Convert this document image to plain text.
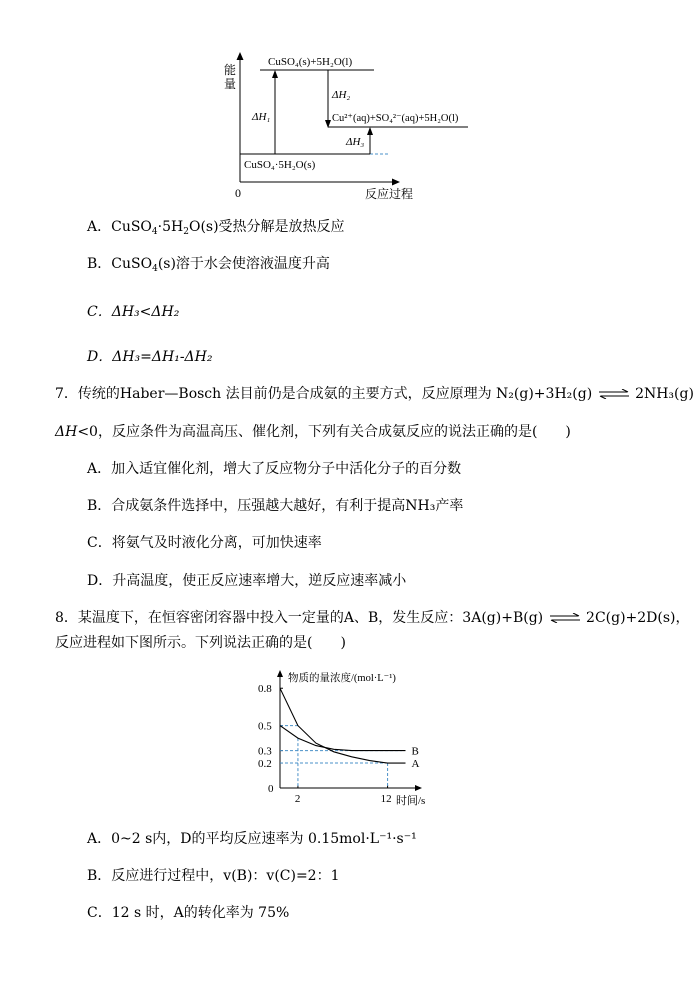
能
量
0	反应过程
CuSO₄(s)+5H₂O(l)
Cu²⁺(aq)+SO₄²⁻(aq)+5H₂O(l)
CuSO₄·5H₂O(s)
ΔH₁
ΔH₂
ΔH₃
A．$CuSO_4\cdot 5H_2O(s)$受热分解是放热反应
B．CuSO$_4$(s)溶于水会使溶液温度升高
C．ΔH₃<ΔH₂
D．ΔH₃=ΔH₁-ΔH₂
7．传统的Haber—Bosch 法目前仍是合成氨的主要方式，反应原理为 N₂(g)+3H₂(g) ⇌ 2NH₃(g)
ΔH<0，反应条件为高温高压、催化剂，下列有关合成氨反应的说法正确的是(　　)
A．加入适宜催化剂，增大了反应物分子中活化分子的百分数
B．合成氨条件选择中，压强越大越好，有利于提高NH₃产率
C．将氨气及时液化分离，可加快速率
D．升高温度，使正反应速率增大，逆反应速率减小
8．某温度下，在恒容密闭容器中投入一定量的A、B，发生反应：3A(g)+B(g) ⇌ 2C(g)+2D(s)，
反应进程如下图所示。下列说法正确的是(　　)
物质的量浓度/(mol·L⁻¹)
时间/s
0
0.8
0.5
0.3
0.2
2	12
A
B
A．0~2 s内，D的平均反应速率为 0.15mol·L⁻¹·s⁻¹
B．反应进行过程中，v(B)：v(C)=2：1
C．12 s 时，A的转化率为 75%
